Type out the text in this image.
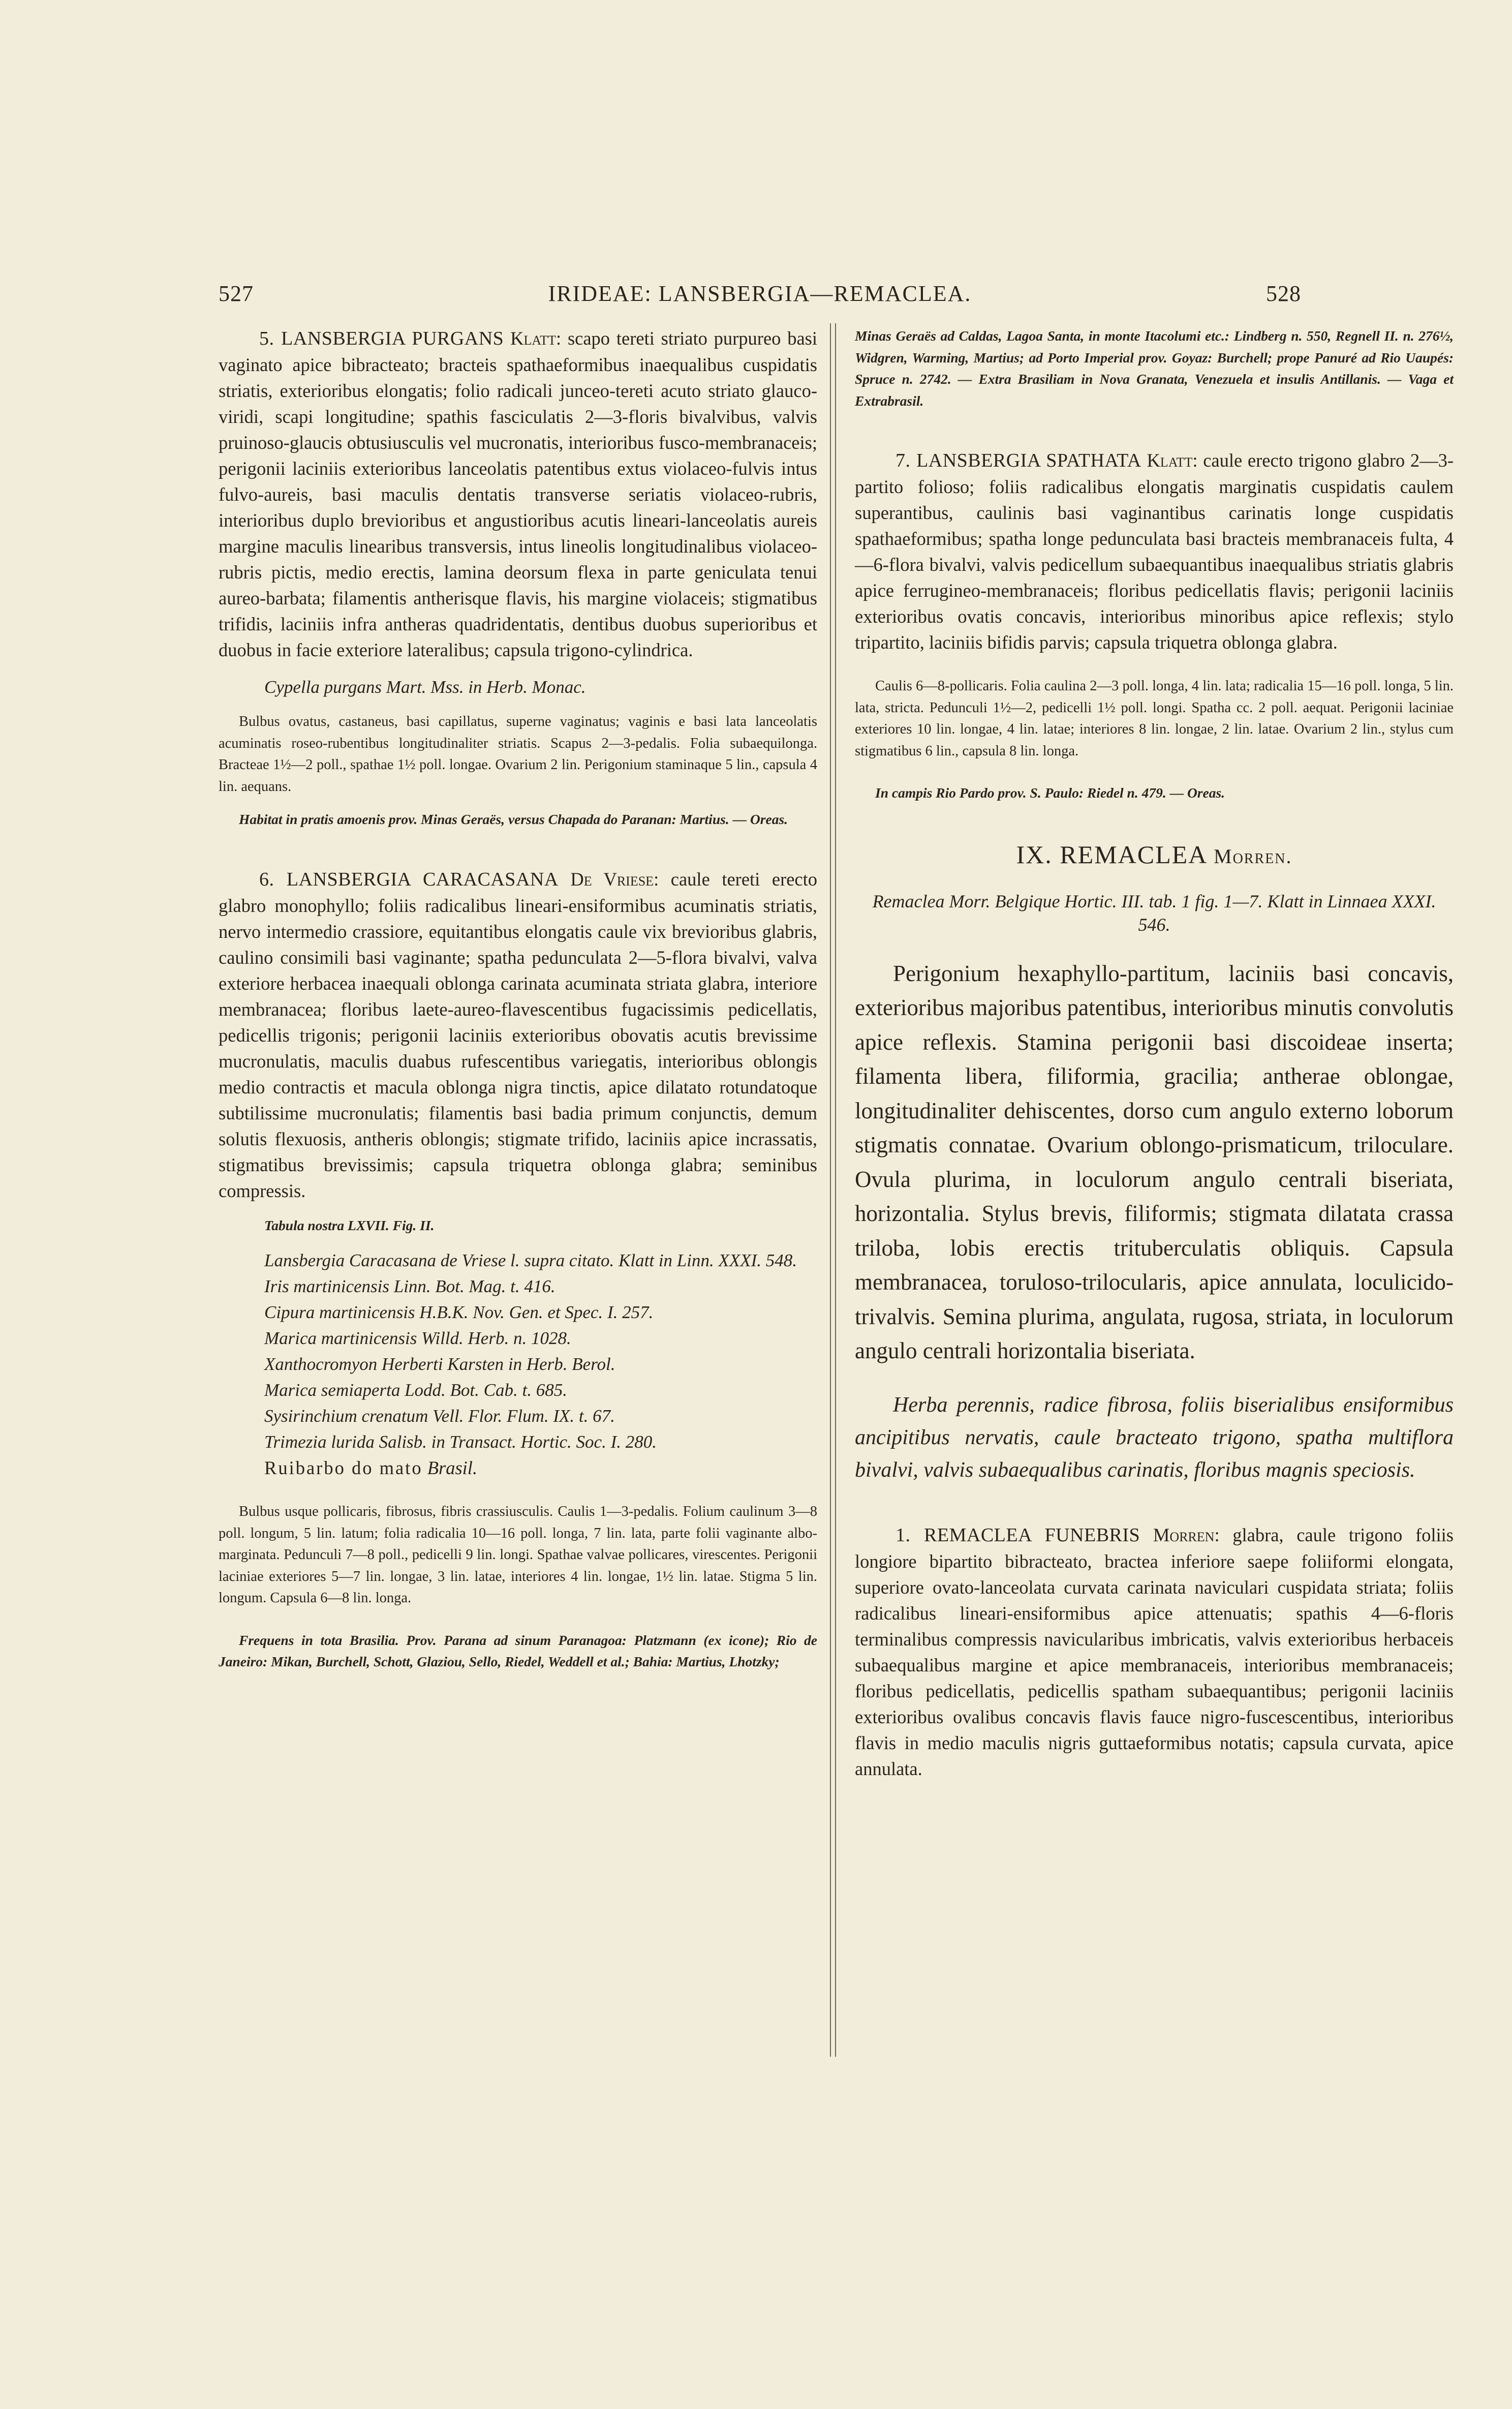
527	IRIDEAE: LANSBERGIA—REMACLEA.	528

5. LANSBERGIA PURGANS Klatt: scapo tereti striato purpureo basi vaginato apice bibracteato; bracteis spathaeformibus inaequalibus cuspidatis striatis, exterioribus elongatis; folio radicali junceo-tereti acuto striato glauco-viridi, scapi longitudine; spathis fasciculatis 2—3-floris bivalvibus, valvis pruinoso-glaucis obtusiusculis vel mucronatis, interioribus fusco-membranaceis; perigonii laciniis exterioribus lanceolatis patentibus extus violaceo-fulvis intus fulvo-aureis, basi maculis dentatis transverse seriatis violaceo-rubris, interioribus duplo brevioribus et angustioribus acutis lineari-lanceolatis aureis margine maculis linearibus transversis, intus lineolis longitudinalibus violaceo-rubris pictis, medio erectis, lamina deorsum flexa in parte geniculata tenui aureo-barbata; filamentis antherisque flavis, his margine violaceis; stigmatibus trifidis, laciniis infra antheras quadridentatis, dentibus duobus superioribus et duobus in facie exteriore lateralibus; capsula trigono-cylindrica.

Cypella purgans Mart. Mss. in Herb. Monac.

Bulbus ovatus, castaneus, basi capillatus, superne vaginatus; vaginis e basi lata lanceolatis acuminatis roseo-rubentibus longitudinaliter striatis. Scapus 2—3-pedalis. Folia subaequilonga. Bracteae 1½—2 poll., spathae 1½ poll. longae. Ovarium 2 lin. Perigonium staminaque 5 lin., capsula 4 lin. aequans.

Habitat in pratis amoenis prov. Minas Geraës, versus Chapada do Paranan: Martius. — Oreas.

6. LANSBERGIA CARACASANA De Vriese: caule tereti erecto glabro monophyllo; foliis radicalibus lineari-ensiformibus acuminatis striatis, nervo intermedio crassiore, equitantibus elongatis caule vix brevioribus glabris, caulino consimili basi vaginante; spatha pedunculata 2—5-flora bivalvi, valva exteriore herbacea inaequali oblonga carinata acuminata striata glabra, interiore membranacea; floribus laete-aureo-flavescentibus fugacissimis pedicellatis, pedicellis trigonis; perigonii laciniis exterioribus obovatis acutis brevissime mucronulatis, maculis duabus rufescentibus variegatis, interioribus oblongis medio contractis et macula oblonga nigra tinctis, apice dilatato rotundatoque subtilissime mucronulatis; filamentis basi badia primum conjunctis, demum solutis flexuosis, antheris oblongis; stigmate trifido, laciniis apice incrassatis, stigmatibus brevissimis; capsula triquetra oblonga glabra; seminibus compressis.

Tabula nostra LXVII. Fig. II.

Lansbergia Caracasana de Vriese l. supra citato. Klatt in Linn. XXXI. 548.

Iris martinicensis Linn. Bot. Mag. t. 416.

Cipura martinicensis H.B.K. Nov. Gen. et Spec. I. 257.

Marica martinicensis Willd. Herb. n. 1028.

Xanthocromyon Herberti Karsten in Herb. Berol.

Marica semiaperta Lodd. Bot. Cab. t. 685.

Sysirinchium crenatum Vell. Flor. Flum. IX. t. 67.

Trimezia lurida Salisb. in Transact. Hortic. Soc. I. 280.

Ruibarbo do mato Brasil.

Bulbus usque pollicaris, fibrosus, fibris crassiusculis. Caulis 1—3-pedalis. Folium caulinum 3—8 poll. longum, 5 lin. latum; folia radicalia 10—16 poll. longa, 7 lin. lata, parte folii vaginante albo-marginata. Pedunculi 7—8 poll., pedicelli 9 lin. longi. Spathae valvae pollicares, virescentes. Perigonii laciniae exteriores 5—7 lin. longae, 3 lin. latae, interiores 4 lin. longae, 1½ lin. latae. Stigma 5 lin. longum. Capsula 6—8 lin. longa.

Frequens in tota Brasilia. Prov. Parana ad sinum Paranagoa: Platzmann (ex icone); Rio de Janeiro: Mikan, Burchell, Schott, Glaziou, Sello, Riedel, Weddell et al.; Bahia: Martius, Lhotzky;

Minas Geraës ad Caldas, Lagoa Santa, in monte Itacolumi etc.: Lindberg n. 550, Regnell II. n. 276½, Widgren, Warming, Martius; ad Porto Imperial prov. Goyaz: Burchell; prope Panuré ad Rio Uaupés: Spruce n. 2742. — Extra Brasiliam in Nova Granata, Venezuela et insulis Antillanis. — Vaga et Extrabrasil.

7. LANSBERGIA SPATHATA Klatt: caule erecto trigono glabro 2—3-partito folioso; foliis radicalibus elongatis marginatis cuspidatis caulem superantibus, caulinis basi vaginantibus carinatis longe cuspidatis spathaeformibus; spatha longe pedunculata basi bracteis membranaceis fulta, 4—6-flora bivalvi, valvis pedicellum subaequantibus inaequalibus striatis glabris apice ferrugineo-membranaceis; floribus pedicellatis flavis; perigonii laciniis exterioribus ovatis concavis, interioribus minoribus apice reflexis; stylo tripartito, laciniis bifidis parvis; capsula triquetra oblonga glabra.

Caulis 6—8-pollicaris. Folia caulina 2—3 poll. longa, 4 lin. lata; radicalia 15—16 poll. longa, 5 lin. lata, stricta. Pedunculi 1½—2, pedicelli 1½ poll. longi. Spatha cc. 2 poll. aequat. Perigonii laciniae exteriores 10 lin. longae, 4 lin. latae; interiores 8 lin. longae, 2 lin. latae. Ovarium 2 lin., stylus cum stigmatibus 6 lin., capsula 8 lin. longa.

In campis Rio Pardo prov. S. Paulo: Riedel n. 479. — Oreas.

IX. REMACLEA Morren.

Remaclea Morr. Belgique Hortic. III. tab. 1 fig. 1—7. Klatt in Linnaea XXXI. 546.

Perigonium hexaphyllo-partitum, laciniis basi concavis, exterioribus majoribus patentibus, interioribus minutis convolutis apice reflexis. Stamina perigonii basi discoideae inserta; filamenta libera, filiformia, gracilia; antherae oblongae, longitudinaliter dehiscentes, dorso cum angulo externo loborum stigmatis connatae. Ovarium oblongo-prismaticum, triloculare. Ovula plurima, in loculorum angulo centrali biseriata, horizontalia. Stylus brevis, filiformis; stigmata dilatata crassa triloba, lobis erectis trituberculatis obliquis. Capsula membranacea, toruloso-trilocularis, apice annulata, loculicido-trivalvis. Semina plurima, angulata, rugosa, striata, in loculorum angulo centrali horizontalia biseriata.

Herba perennis, radice fibrosa, foliis biserialibus ensiformibus ancipitibus nervatis, caule bracteato trigono, spatha multiflora bivalvi, valvis subaequalibus carinatis, floribus magnis speciosis.

1. REMACLEA FUNEBRIS Morren: glabra, caule trigono foliis longiore bipartito bibracteato, bractea inferiore saepe foliiformi elongata, superiore ovato-lanceolata curvata carinata naviculari cuspidata striata; foliis radicalibus lineari-ensiformibus apice attenuatis; spathis 4—6-floris terminalibus compressis navicularibus imbricatis, valvis exterioribus herbaceis subaequalibus margine et apice membranaceis, interioribus membranaceis; floribus pedicellatis, pedicellis spatham subaequantibus; perigonii laciniis exterioribus ovalibus concavis flavis fauce nigro-fuscescentibus, interioribus flavis in medio maculis nigris guttaeformibus notatis; capsula curvata, apice annulata.
